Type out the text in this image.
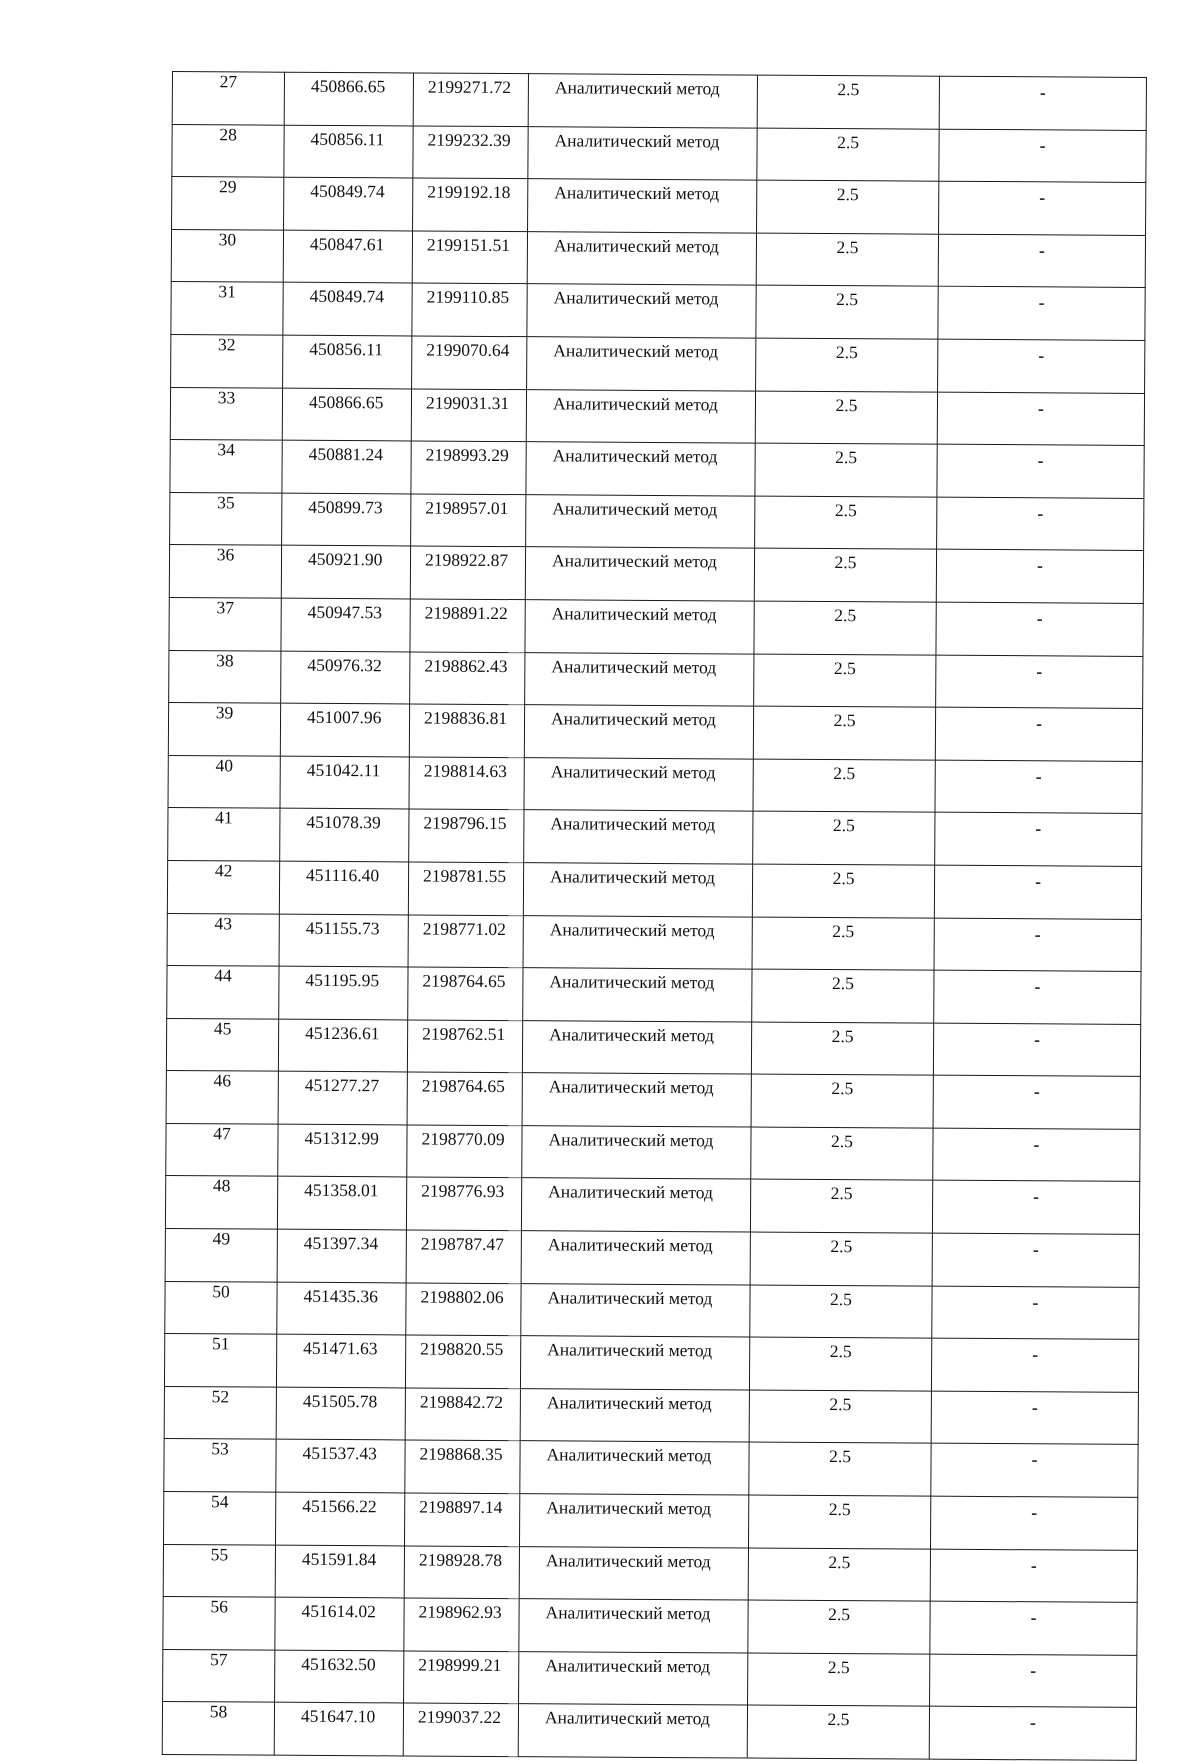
27	450866.65	2199271.72	Аналитический метод	2.5	-
28	450856.11	2199232.39	Аналитический метод	2.5	-
29	450849.74	2199192.18	Аналитический метод	2.5	-
30	450847.61	2199151.51	Аналитический метод	2.5	-
31	450849.74	2199110.85	Аналитический метод	2.5	-
32	450856.11	2199070.64	Аналитический метод	2.5	-
33	450866.65	2199031.31	Аналитический метод	2.5	-
34	450881.24	2198993.29	Аналитический метод	2.5	-
35	450899.73	2198957.01	Аналитический метод	2.5	-
36	450921.90	2198922.87	Аналитический метод	2.5	-
37	450947.53	2198891.22	Аналитический метод	2.5	-
38	450976.32	2198862.43	Аналитический метод	2.5	-
39	451007.96	2198836.81	Аналитический метод	2.5	-
40	451042.11	2198814.63	Аналитический метод	2.5	-
41	451078.39	2198796.15	Аналитический метод	2.5	-
42	451116.40	2198781.55	Аналитический метод	2.5	-
43	451155.73	2198771.02	Аналитический метод	2.5	-
44	451195.95	2198764.65	Аналитический метод	2.5	-
45	451236.61	2198762.51	Аналитический метод	2.5	-
46	451277.27	2198764.65	Аналитический метод	2.5	-
47	451312.99	2198770.09	Аналитический метод	2.5	-
48	451358.01	2198776.93	Аналитический метод	2.5	-
49	451397.34	2198787.47	Аналитический метод	2.5	-
50	451435.36	2198802.06	Аналитический метод	2.5	-
51	451471.63	2198820.55	Аналитический метод	2.5	-
52	451505.78	2198842.72	Аналитический метод	2.5	-
53	451537.43	2198868.35	Аналитический метод	2.5	-
54	451566.22	2198897.14	Аналитический метод	2.5	-
55	451591.84	2198928.78	Аналитический метод	2.5	-
56	451614.02	2198962.93	Аналитический метод	2.5	-
57	451632.50	2198999.21	Аналитический метод	2.5	-
58	451647.10	2199037.22	Аналитический метод	2.5	-
